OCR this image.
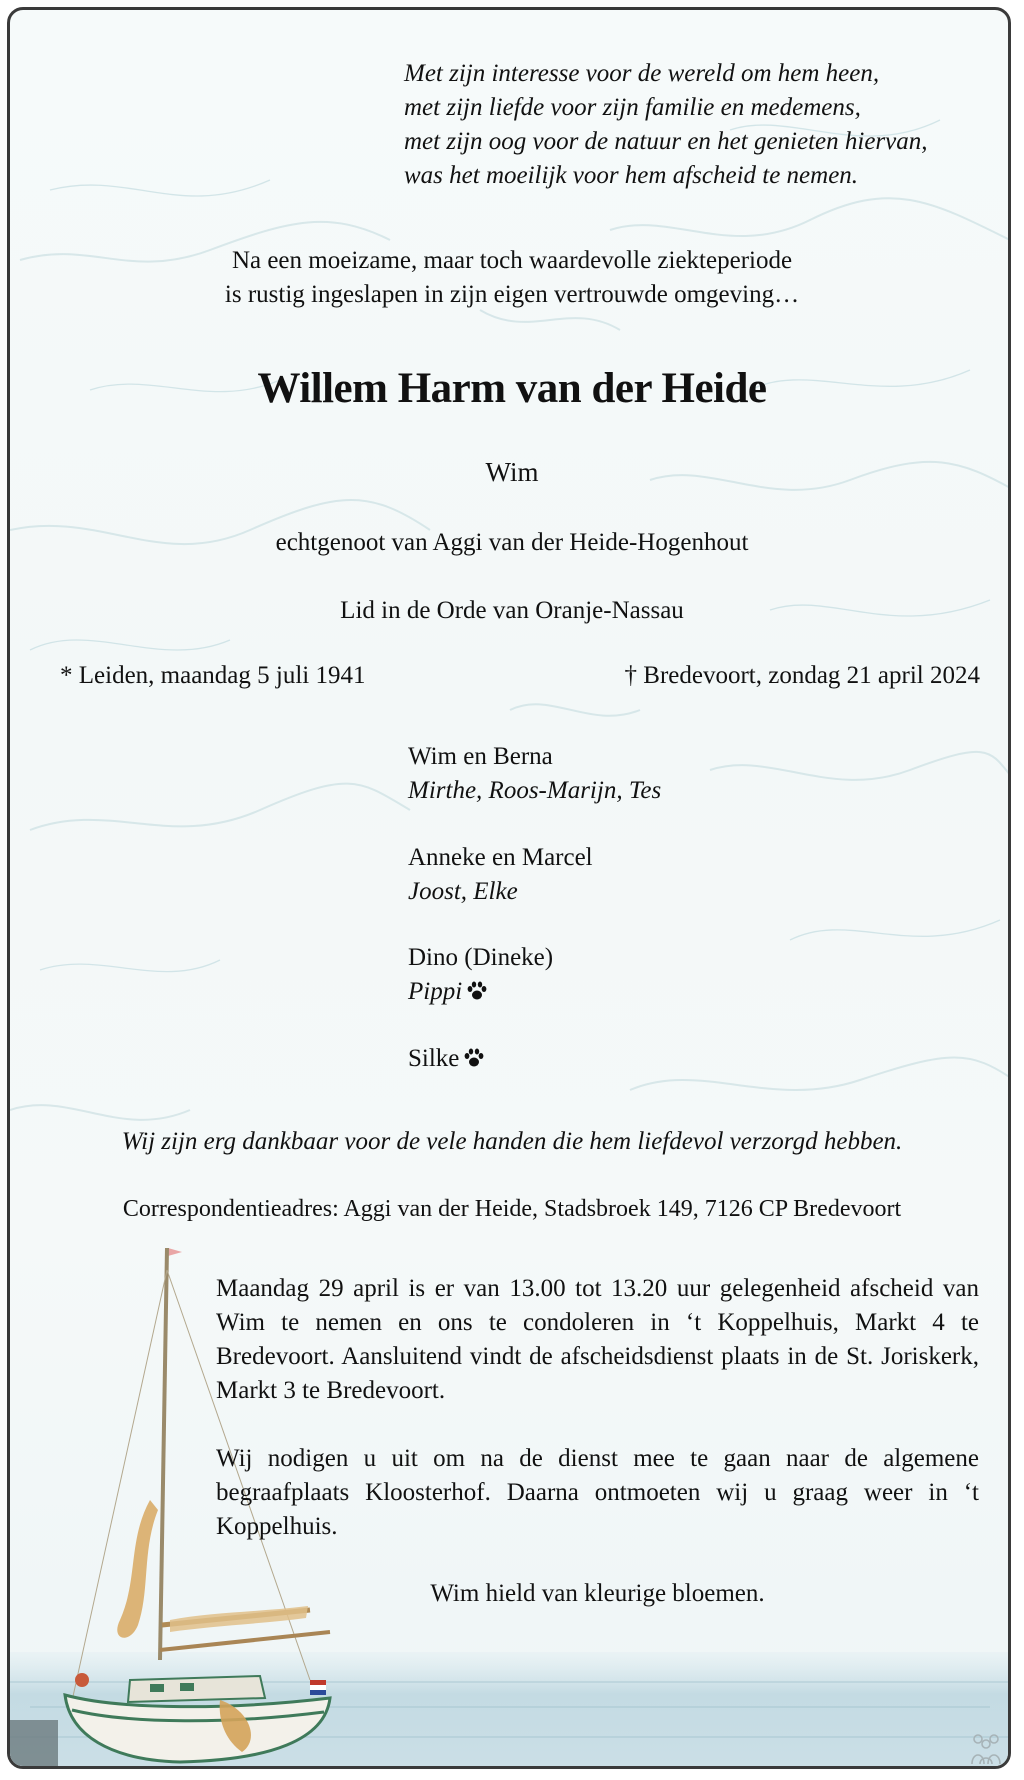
Met zijn interesse voor de wereld om hem heen,
met zijn liefde voor zijn familie en medemens,
met zijn oog voor de natuur en het genieten hiervan,
was het moeilijk voor hem afscheid te nemen.
Na een moeizame, maar toch waardevolle ziekteperiode
is rustig ingeslapen in zijn eigen vertrouwde omgeving…
Willem Harm van der Heide
Wim
echtgenoot van Aggi van der Heide-Hogenhout
Lid in de Orde van Oranje-Nassau
* Leiden, maandag 5 juli 1941	† Bredevoort, zondag 21 april 2024
Wim en Berna
Mirthe, Roos-Marijn, Tes
Anneke en Marcel
Joost, Elke
Dino (Dineke)
Pippi
Silke
Wij zijn erg dankbaar voor de vele handen die hem liefdevol verzorgd hebben.
Correspondentieadres: Aggi van der Heide, Stadsbroek 149, 7126 CP Bredevoort
Maandag 29 april is er van 13.00 tot 13.20 uur gelegenheid afscheid van Wim te nemen en ons te condoleren in ‘t Koppelhuis, Markt 4 te Bredevoort. Aansluitend vindt de afscheidsdienst plaats in de St. Joriskerk, Markt 3 te Bredevoort.
Wij nodigen u uit om na de dienst mee te gaan naar de algemene begraafplaats Kloosterhof. Daarna ontmoeten wij u graag weer in ‘t Koppelhuis.
Wim hield van kleurige bloemen.
